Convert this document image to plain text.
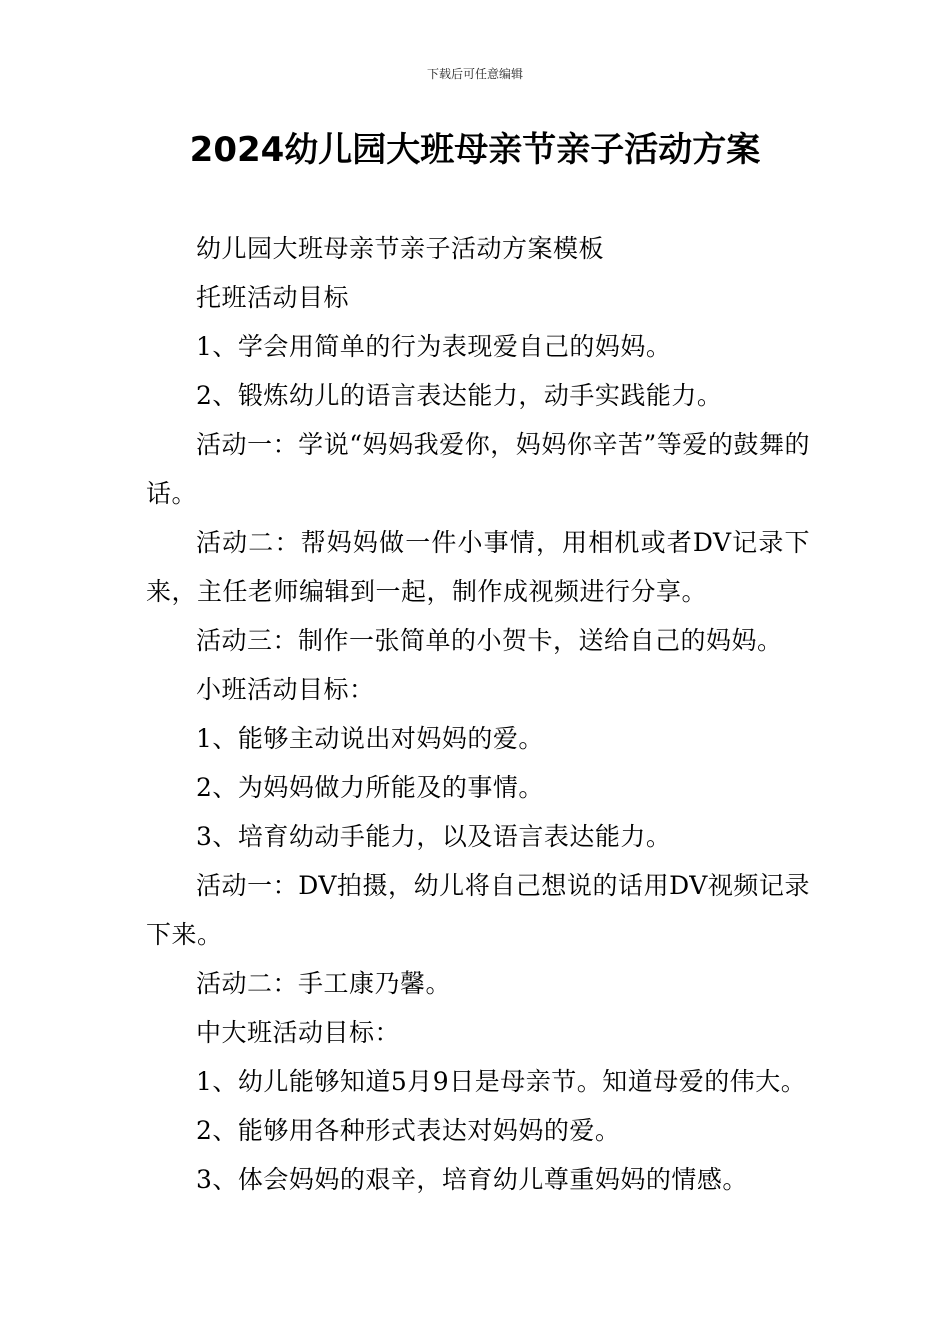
下载后可任意编辑
2024幼儿园大班母亲节亲子活动方案

幼儿园大班母亲节亲子活动方案模板

托班活动目标

1、学会用简单的行为表现爱自己的妈妈。

2、锻炼幼儿的语言表达能力，动手实践能力。

活动一：学说“妈妈我爱你，妈妈你辛苦”等爱的鼓舞的话。

活动二：帮妈妈做一件小事情，用相机或者DV记录下来，主任老师编辑到一起，制作成视频进行分享。

活动三：制作一张简单的小贺卡，送给自己的妈妈。

小班活动目标：

1、能够主动说出对妈妈的爱。

2、为妈妈做力所能及的事情。

3、培育幼动手能力，以及语言表达能力。

活动一：DV拍摄，幼儿将自己想说的话用DV视频记录下来。

活动二：手工康乃馨。

中大班活动目标：

1、幼儿能够知道5月9日是母亲节。知道母爱的伟大。

2、能够用各种形式表达对妈妈的爱。

3、体会妈妈的艰辛，培育幼儿尊重妈妈的情感。
